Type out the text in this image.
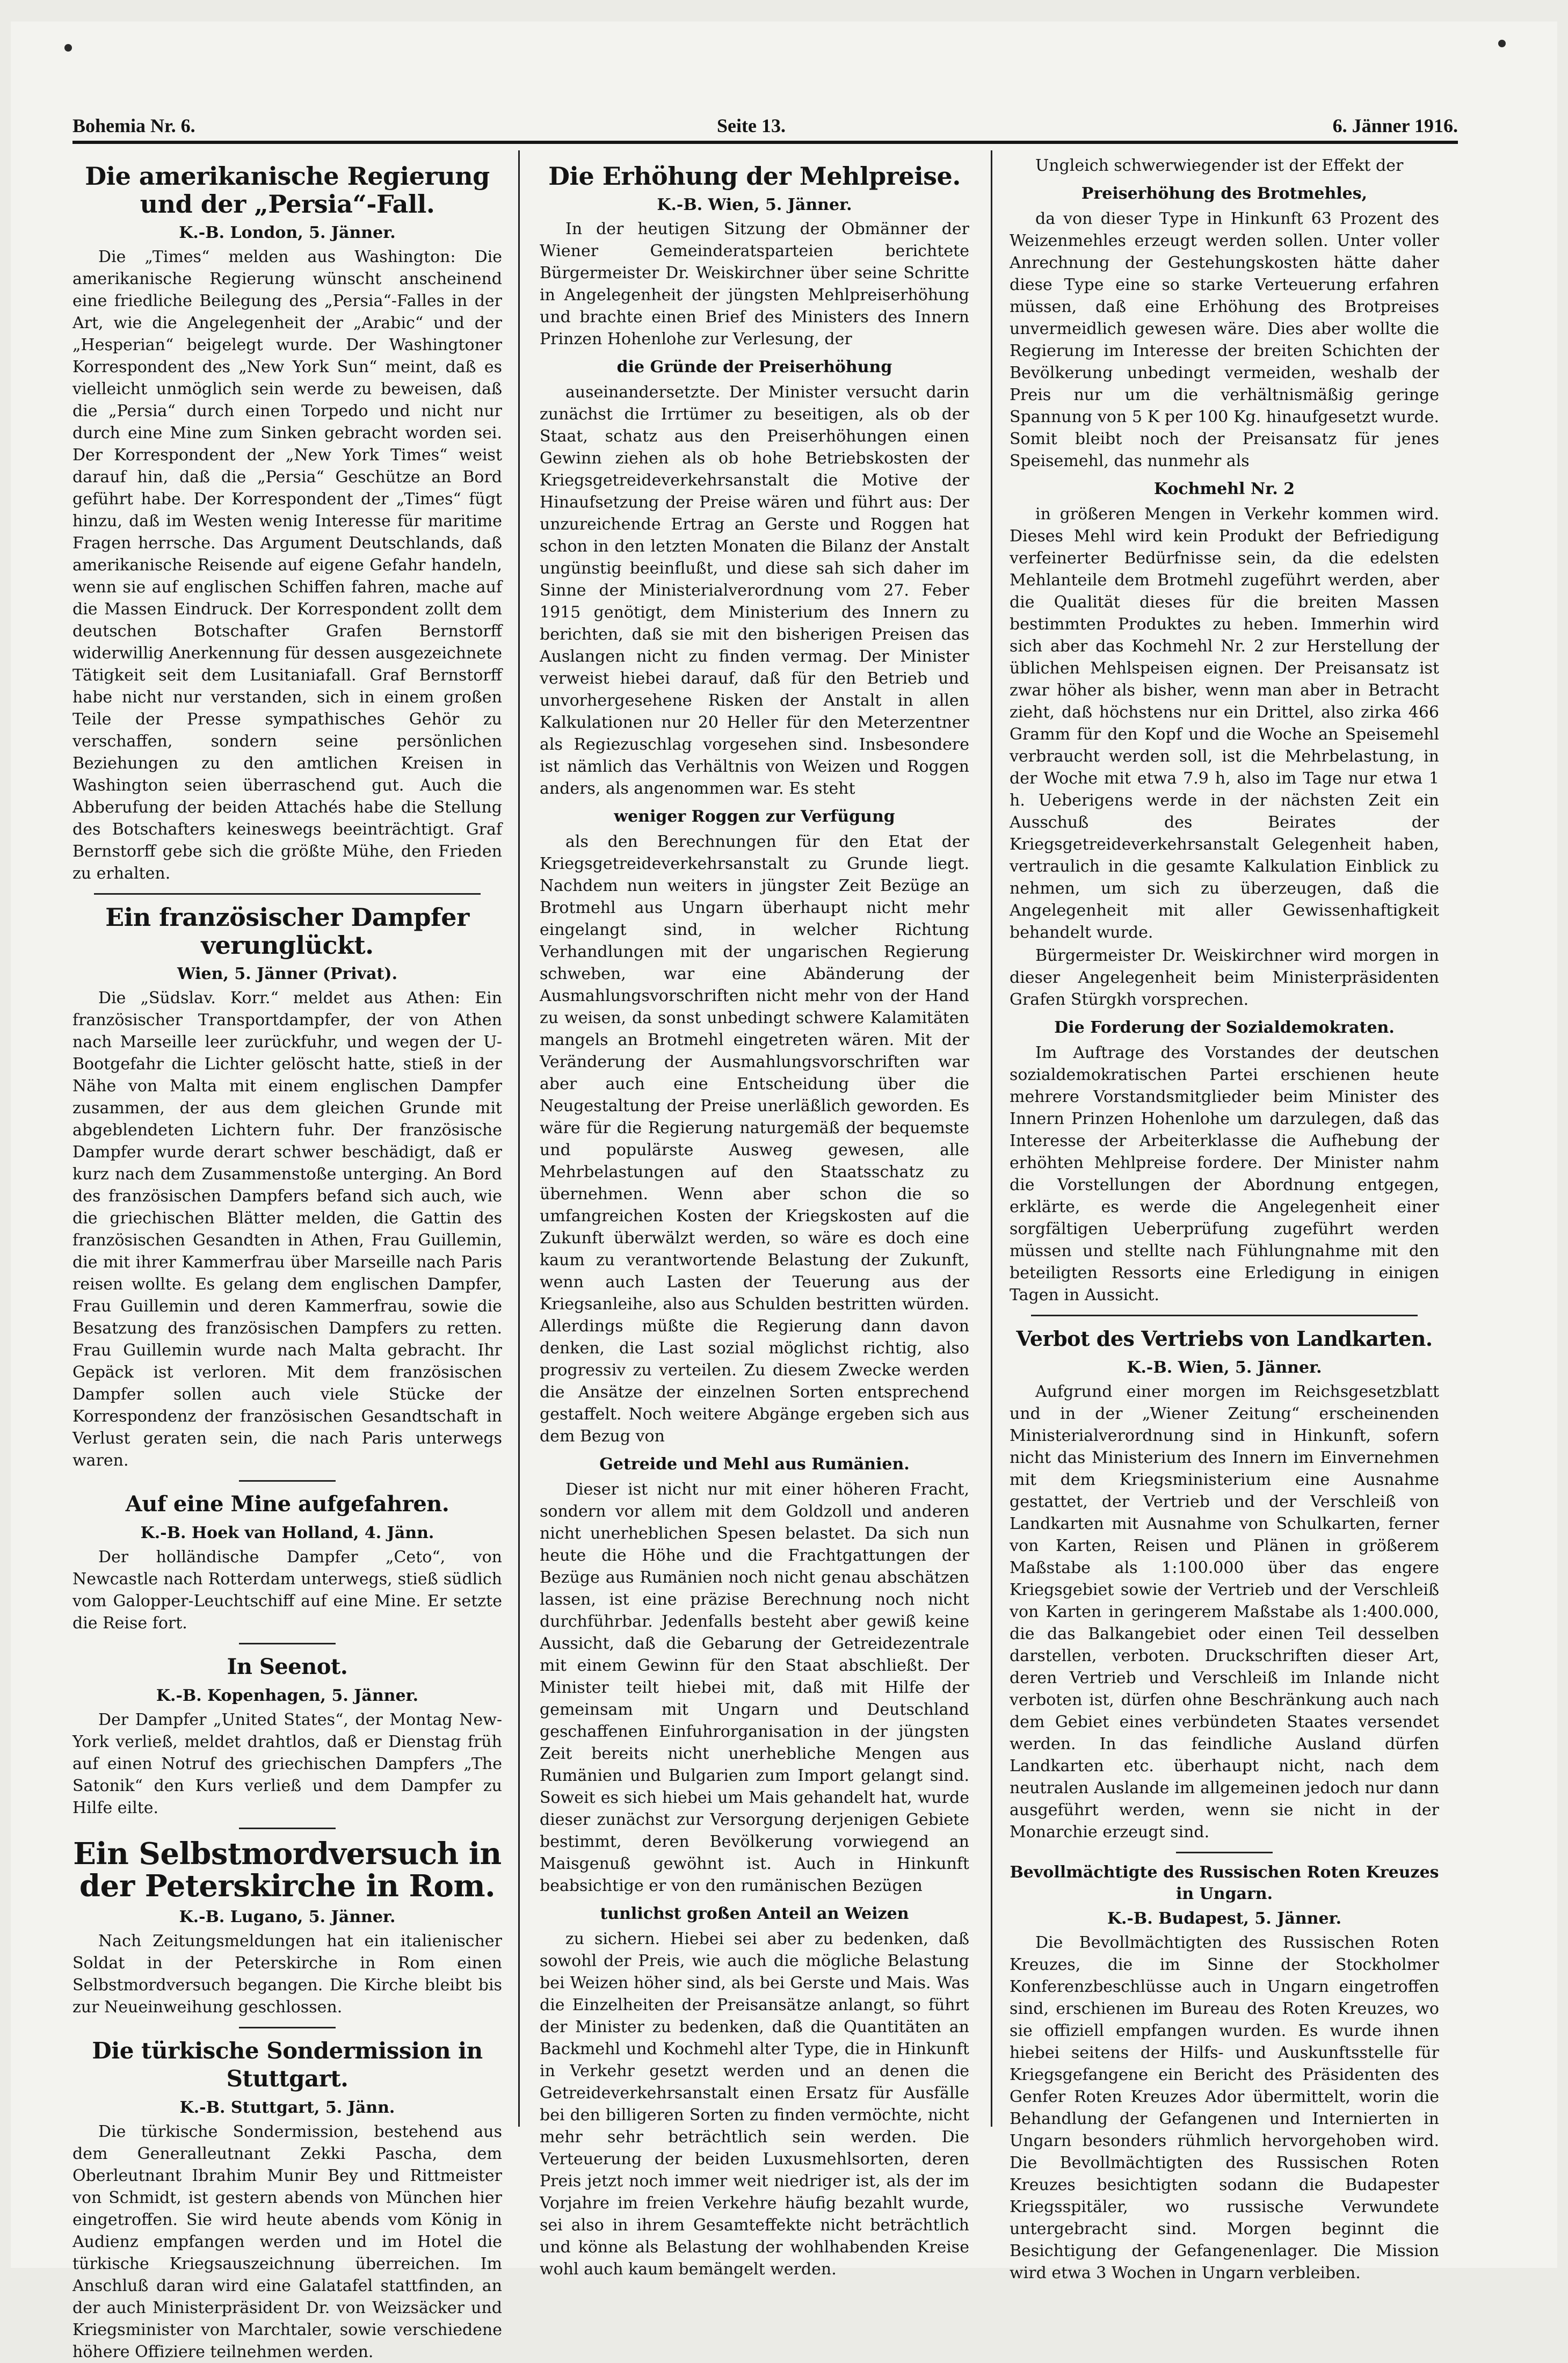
Bohemia Nr. 6.	Seite 13.	6. Jänner 1916.
Die amerikanische Regierung und der „Persia“-Fall.
K.-B. London, 5. Jänner.

Die „Times“ melden aus Washington: Die amerikanische Regierung wünscht anscheinend eine friedliche Beilegung des „Persia“-Falles in der Art, wie die Angelegenheit der „Arabic“ und der „Hesperian“ beigelegt wurde. Der Washingtoner Korrespondent des „New York Sun“ meint, daß es vielleicht unmöglich sein werde zu beweisen, daß die „Persia“ durch einen Torpedo und nicht nur durch eine Mine zum Sinken gebracht worden sei. Der Korrespondent der „New York Times“ weist darauf hin, daß die „Persia“ Geschütze an Bord geführt habe. Der Korrespondent der „Times“ fügt hinzu, daß im Westen wenig Interesse für maritime Fragen herrsche. Das Argument Deutschlands, daß amerikanische Reisende auf eigene Gefahr handeln, wenn sie auf englischen Schiffen fahren, mache auf die Massen Eindruck. Der Korrespondent zollt dem deutschen Botschafter Grafen Bernstorff widerwillig Anerkennung für dessen ausgezeichnete Tätigkeit seit dem Lusitaniafall. Graf Bernstorff habe nicht nur verstanden, sich in einem großen Teile der Presse sympathisches Gehör zu verschaffen, sondern seine persönlichen Beziehungen zu den amtlichen Kreisen in Washington seien überraschend gut. Auch die Abberufung der beiden Attachés habe die Stellung des Botschafters keineswegs beeinträchtigt. Graf Bernstorff gebe sich die größte Mühe, den Frieden zu erhalten.

Ein französischer Dampfer verunglückt.
Wien, 5. Jänner (Privat).

Die „Südslav. Korr.“ meldet aus Athen: Ein französischer Transportdampfer, der von Athen nach Marseille leer zurückfuhr, und wegen der U-Bootgefahr die Lichter gelöscht hatte, stieß in der Nähe von Malta mit einem englischen Dampfer zusammen, der aus dem gleichen Grunde mit abgeblendeten Lichtern fuhr. Der französische Dampfer wurde derart schwer beschädigt, daß er kurz nach dem Zusammenstoße unterging. An Bord des französischen Dampfers befand sich auch, wie die griechischen Blätter melden, die Gattin des französischen Gesandten in Athen, Frau Guillemin, die mit ihrer Kammerfrau über Marseille nach Paris reisen wollte. Es gelang dem englischen Dampfer, Frau Guillemin und deren Kammerfrau, sowie die Besatzung des französischen Dampfers zu retten. Frau Guillemin wurde nach Malta gebracht. Ihr Gepäck ist verloren. Mit dem französischen Dampfer sollen auch viele Stücke der Korrespondenz der französischen Gesandtschaft in Verlust geraten sein, die nach Paris unterwegs waren.

Auf eine Mine aufgefahren.
K.-B. Hoek van Holland, 4. Jänn.

Der holländische Dampfer „Ceto“, von Newcastle nach Rotterdam unterwegs, stieß südlich vom Galopper-Leuchtschiff auf eine Mine. Er setzte die Reise fort.

In Seenot.
K.-B. Kopenhagen, 5. Jänner.

Der Dampfer „United States“, der Montag New-York verließ, meldet drahtlos, daß er Dienstag früh auf einen Notruf des griechischen Dampfers „The Satonik“ den Kurs verließ und dem Dampfer zu Hilfe eilte.

Ein Selbstmordversuch in der Peterskirche in Rom.
K.-B. Lugano, 5. Jänner.

Nach Zeitungsmeldungen hat ein italienischer Soldat in der Peterskirche in Rom einen Selbstmordversuch begangen. Die Kirche bleibt bis zur Neueinweihung geschlossen.

Die türkische Sondermission in Stuttgart.
K.-B. Stuttgart, 5. Jänn.

Die türkische Sondermission, bestehend aus dem Generalleutnant Zekki Pascha, dem Oberleutnant Ibrahim Munir Bey und Rittmeister von Schmidt, ist gestern abends von München hier eingetroffen. Sie wird heute abends vom König in Audienz empfangen werden und im Hotel die türkische Kriegsauszeichnung überreichen. Im Anschluß daran wird eine Galatafel stattfinden, an der auch Ministerpräsident Dr. von Weizsäcker und Kriegsminister von Marchtaler, sowie verschiedene höhere Offiziere teilnehmen werden.

Die Erhöhung der Mehlpreise.
K.-B. Wien, 5. Jänner.

In der heutigen Sitzung der Obmänner der Wiener Gemeinderatsparteien berichtete Bürgermeister Dr. Weiskirchner über seine Schritte in Angelegenheit der jüngsten Mehlpreiserhöhung und brachte einen Brief des Ministers des Innern Prinzen Hohenlohe zur Verlesung, der

die Gründe der Preiserhöhung

auseinandersetzte. Der Minister versucht darin zunächst die Irrtümer zu beseitigen, als ob der Staat, schatz aus den Preiserhöhungen einen Gewinn ziehen als ob hohe Betriebskosten der Kriegsgetreideverkehrsanstalt die Motive der Hinaufsetzung der Preise wären und führt aus: Der unzureichende Ertrag an Gerste und Roggen hat schon in den letzten Monaten die Bilanz der Anstalt ungünstig beeinflußt, und diese sah sich daher im Sinne der Ministerialverordnung vom 27. Feber 1915 genötigt, dem Ministerium des Innern zu berichten, daß sie mit den bisherigen Preisen das Auslangen nicht zu finden vermag. Der Minister verweist hiebei darauf, daß für den Betrieb und unvorhergesehene Risken der Anstalt in allen Kalkulationen nur 20 Heller für den Meterzentner als Regiezuschlag vorgesehen sind. Insbesondere ist nämlich das Verhältnis von Weizen und Roggen anders, als angenommen war. Es steht

weniger Roggen zur Verfügung

als den Berechnungen für den Etat der Kriegsgetreideverkehrsanstalt zu Grunde liegt. Nachdem nun weiters in jüngster Zeit Bezüge an Brotmehl aus Ungarn überhaupt nicht mehr eingelangt sind, in welcher Richtung Verhandlungen mit der ungarischen Regierung schweben, war eine Abänderung der Ausmahlungsvorschriften nicht mehr von der Hand zu weisen, da sonst unbedingt schwere Kalamitäten mangels an Brotmehl eingetreten wären. Mit der Veränderung der Ausmahlungsvorschriften war aber auch eine Entscheidung über die Neugestaltung der Preise unerläßlich geworden. Es wäre für die Regierung naturgemäß der bequemste und populärste Ausweg gewesen, alle Mehrbelastungen auf den Staatsschatz zu übernehmen. Wenn aber schon die so umfangreichen Kosten der Kriegskosten auf die Zukunft überwälzt werden, so wäre es doch eine kaum zu verantwortende Belastung der Zukunft, wenn auch Lasten der Teuerung aus der Kriegsanleihe, also aus Schulden bestritten würden. Allerdings müßte die Regierung dann davon denken, die Last sozial möglichst richtig, also progressiv zu verteilen. Zu diesem Zwecke werden die Ansätze der einzelnen Sorten entsprechend gestaffelt. Noch weitere Abgänge ergeben sich aus dem Bezug von

Getreide und Mehl aus Rumänien.

Dieser ist nicht nur mit einer höheren Fracht, sondern vor allem mit dem Goldzoll und anderen nicht unerheblichen Spesen belastet. Da sich nun heute die Höhe und die Frachtgattungen der Bezüge aus Rumänien noch nicht genau abschätzen lassen, ist eine präzise Berechnung noch nicht durchführbar. Jedenfalls besteht aber gewiß keine Aussicht, daß die Gebarung der Getreidezentrale mit einem Gewinn für den Staat abschließt. Der Minister teilt hiebei mit, daß mit Hilfe der gemeinsam mit Ungarn und Deutschland geschaffenen Einfuhrorganisation in der jüngsten Zeit bereits nicht unerhebliche Mengen aus Rumänien und Bulgarien zum Import gelangt sind. Soweit es sich hiebei um Mais gehandelt hat, wurde dieser zunächst zur Versorgung derjenigen Gebiete bestimmt, deren Bevölkerung vorwiegend an Maisgenuß gewöhnt ist. Auch in Hinkunft beabsichtige er von den rumänischen Bezügen

tunlichst großen Anteil an Weizen

zu sichern. Hiebei sei aber zu bedenken, daß sowohl der Preis, wie auch die mögliche Belastung bei Weizen höher sind, als bei Gerste und Mais. Was die Einzelheiten der Preisansätze anlangt, so führt der Minister zu bedenken, daß die Quantitäten an Backmehl und Kochmehl alter Type, die in Hinkunft in Verkehr gesetzt werden und an denen die Getreideverkehrsanstalt einen Ersatz für Ausfälle bei den billigeren Sorten zu finden vermöchte, nicht mehr sehr beträchtlich sein werden. Die Verteuerung der beiden Luxusmehlsorten, deren Preis jetzt noch immer weit niedriger ist, als der im Vorjahre im freien Verkehre häufig bezahlt wurde, sei also in ihrem Gesamteffekte nicht beträchtlich und könne als Belastung der wohlhabenden Kreise wohl auch kaum bemängelt werden.

Ungleich schwerwiegender ist der Effekt der

Preiserhöhung des Brotmehles,

da von dieser Type in Hinkunft 63 Prozent des Weizenmehles erzeugt werden sollen. Unter voller Anrechnung der Gestehungskosten hätte daher diese Type eine so starke Verteuerung erfahren müssen, daß eine Erhöhung des Brotpreises unvermeidlich gewesen wäre. Dies aber wollte die Regierung im Interesse der breiten Schichten der Bevölkerung unbedingt vermeiden, weshalb der Preis nur um die verhältnismäßig geringe Spannung von 5 K per 100 Kg. hinaufgesetzt wurde. Somit bleibt noch der Preisansatz für jenes Speisemehl, das nunmehr als

Kochmehl Nr. 2

in größeren Mengen in Verkehr kommen wird. Dieses Mehl wird kein Produkt der Befriedigung verfeinerter Bedürfnisse sein, da die edelsten Mehlanteile dem Brotmehl zugeführt werden, aber die Qualität dieses für die breiten Massen bestimmten Produktes zu heben. Immerhin wird sich aber das Kochmehl Nr. 2 zur Herstellung der üblichen Mehlspeisen eignen. Der Preisansatz ist zwar höher als bisher, wenn man aber in Betracht zieht, daß höchstens nur ein Drittel, also zirka 466 Gramm für den Kopf und die Woche an Speisemehl verbraucht werden soll, ist die Mehrbelastung, in der Woche mit etwa 7.9 h, also im Tage nur etwa 1 h. Ueberigens werde in der nächsten Zeit ein Ausschuß des Beirates der Kriegsgetreideverkehrsanstalt Gelegenheit haben, vertraulich in die gesamte Kalkulation Einblick zu nehmen, um sich zu überzeugen, daß die Angelegenheit mit aller Gewissenhaftigkeit behandelt wurde.

Bürgermeister Dr. Weiskirchner wird morgen in dieser Angelegenheit beim Ministerpräsidenten Grafen Stürgkh vorsprechen.

Die Forderung der Sozialdemokraten.

Im Auftrage des Vorstandes der deutschen sozialdemokratischen Partei erschienen heute mehrere Vorstandsmitglieder beim Minister des Innern Prinzen Hohenlohe um darzulegen, daß das Interesse der Arbeiterklasse die Aufhebung der erhöhten Mehlpreise fordere. Der Minister nahm die Vorstellungen der Abordnung entgegen, erklärte, es werde die Angelegenheit einer sorgfältigen Ueberprüfung zugeführt werden müssen und stellte nach Fühlungnahme mit den beteiligten Ressorts eine Erledigung in einigen Tagen in Aussicht.

Verbot des Vertriebs von Landkarten.
K.-B. Wien, 5. Jänner.

Aufgrund einer morgen im Reichsgesetzblatt und in der „Wiener Zeitung“ erscheinenden Ministerialverordnung sind in Hinkunft, sofern nicht das Ministerium des Innern im Einvernehmen mit dem Kriegsministerium eine Ausnahme gestattet, der Vertrieb und der Verschleiß von Landkarten mit Ausnahme von Schulkarten, ferner von Karten, Reisen und Plänen in größerem Maßstabe als 1:100.000 über das engere Kriegsgebiet sowie der Vertrieb und der Verschleiß von Karten in geringerem Maßstabe als 1:400.000, die das Balkangebiet oder einen Teil desselben darstellen, verboten. Druckschriften dieser Art, deren Vertrieb und Verschleiß im Inlande nicht verboten ist, dürfen ohne Beschränkung auch nach dem Gebiet eines verbündeten Staates versendet werden. In das feindliche Ausland dürfen Landkarten etc. überhaupt nicht, nach dem neutralen Auslande im allgemeinen jedoch nur dann ausgeführt werden, wenn sie nicht in der Monarchie erzeugt sind.

Bevollmächtigte des Russischen Roten Kreuzes in Ungarn.
K.-B. Budapest, 5. Jänner.

Die Bevollmächtigten des Russischen Roten Kreuzes, die im Sinne der Stockholmer Konferenzbeschlüsse auch in Ungarn eingetroffen sind, erschienen im Bureau des Roten Kreuzes, wo sie offiziell empfangen wurden. Es wurde ihnen hiebei seitens der Hilfs- und Auskunftsstelle für Kriegsgefangene ein Bericht des Präsidenten des Genfer Roten Kreuzes Ador übermittelt, worin die Behandlung der Gefangenen und Internierten in Ungarn besonders rühmlich hervorgehoben wird. Die Bevollmächtigten des Russischen Roten Kreuzes besichtigten sodann die Budapester Kriegsspitäler, wo russische Verwundete untergebracht sind. Morgen beginnt die Besichtigung der Gefangenenlager. Die Mission wird etwa 3 Wochen in Ungarn verbleiben.
